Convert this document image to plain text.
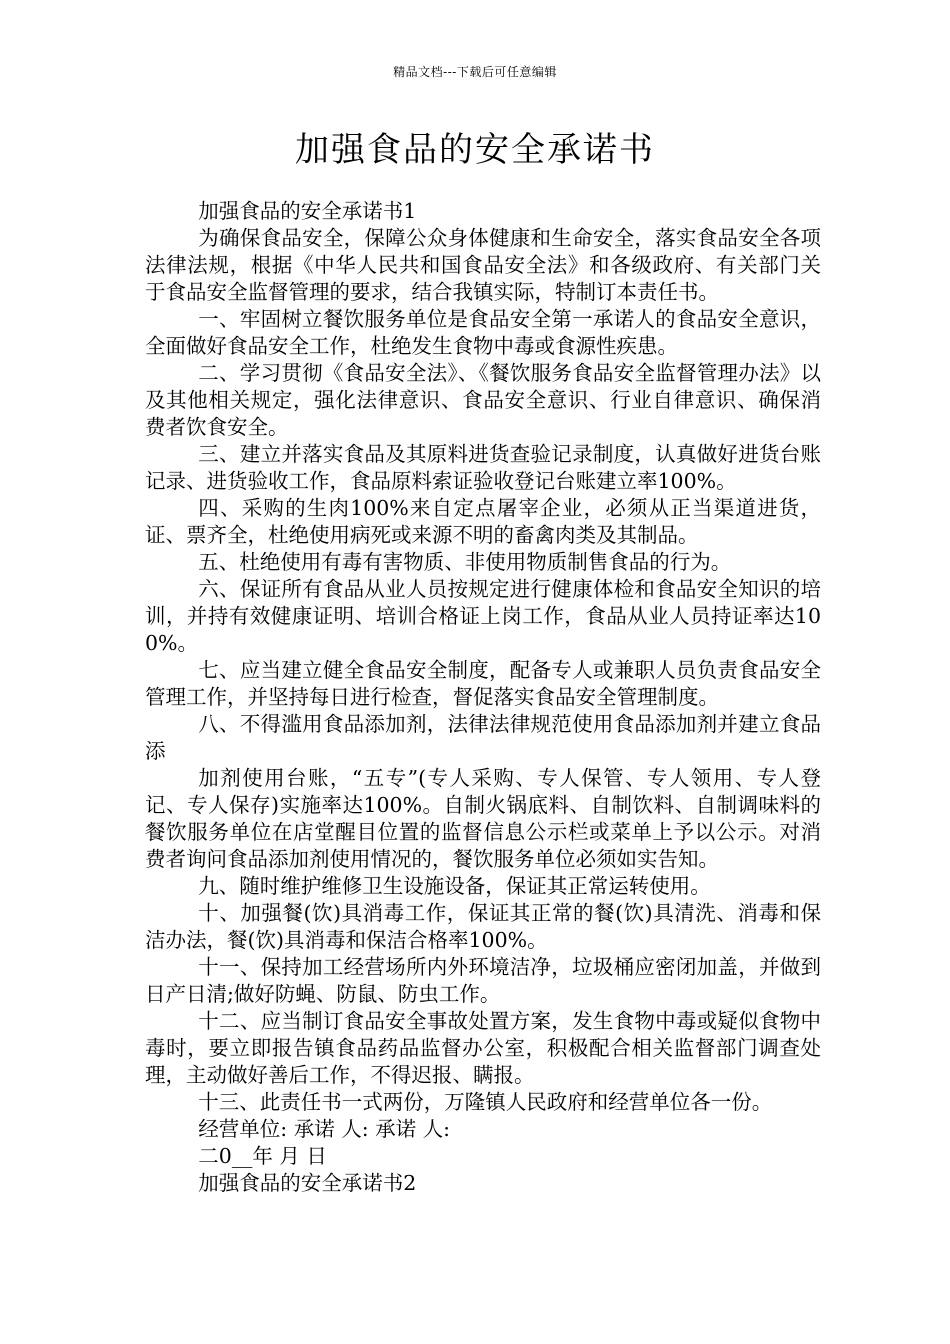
精品文档---下载后可任意编辑
加强食品的安全承诺书

加强食品的安全承诺书1

为确保食品安全，保障公众身体健康和生命安全，落实食品安全各项法律法规，根据《中华人民共和国食品安全法》和各级政府、有关部门关于食品安全监督管理的要求，结合我镇实际，特制订本责任书。

一、牢固树立餐饮服务单位是食品安全第一承诺人的食品安全意识，全面做好食品安全工作，杜绝发生食物中毒或食源性疾患。

二、学习贯彻《食品安全法》、《餐饮服务食品安全监督管理办法》以及其他相关规定，强化法律意识、食品安全意识、行业自律意识、确保消费者饮食安全。

三、建立并落实食品及其原料进货查验记录制度，认真做好进货台账记录、进货验收工作，食品原料索证验收登记台账建立率100%。

四、采购的生肉100%来自定点屠宰企业，必须从正当渠道进货，证、票齐全，杜绝使用病死或来源不明的畜禽肉类及其制品。

五、杜绝使用有毒有害物质、非使用物质制售食品的行为。

六、保证所有食品从业人员按规定进行健康体检和食品安全知识的培训，并持有效健康证明、培训合格证上岗工作，食品从业人员持证率达100%。

七、应当建立健全食品安全制度，配备专人或兼职人员负责食品安全管理工作，并坚持每日进行检查，督促落实食品安全管理制度。

八、不得滥用食品添加剂，法律法律规范使用食品添加剂并建立食品添

加剂使用台账，“五专”(专人采购、专人保管、专人领用、专人登记、专人保存)实施率达100%。自制火锅底料、自制饮料、自制调味料的餐饮服务单位在店堂醒目位置的监督信息公示栏或菜单上予以公示。对消费者询问食品添加剂使用情况的，餐饮服务单位必须如实告知。

九、随时维护维修卫生设施设备，保证其正常运转使用。

十、加强餐(饮)具消毒工作，保证其正常的餐(饮)具清洗、消毒和保洁办法，餐(饮)具消毒和保洁合格率100%。

十一、保持加工经营场所内外环境洁净，垃圾桶应密闭加盖，并做到日产日清;做好防蝇、防鼠、防虫工作。

十二、应当制订食品安全事故处置方案，发生食物中毒或疑似食物中毒时，要立即报告镇食品药品监督办公室，积极配合相关监督部门调查处理，主动做好善后工作，不得迟报、瞒报。

十三、此责任书一式两份，万隆镇人民政府和经营单位各一份。

经营单位: 承诺 人: 承诺 人:

二0__年 月 日

加强食品的安全承诺书2
